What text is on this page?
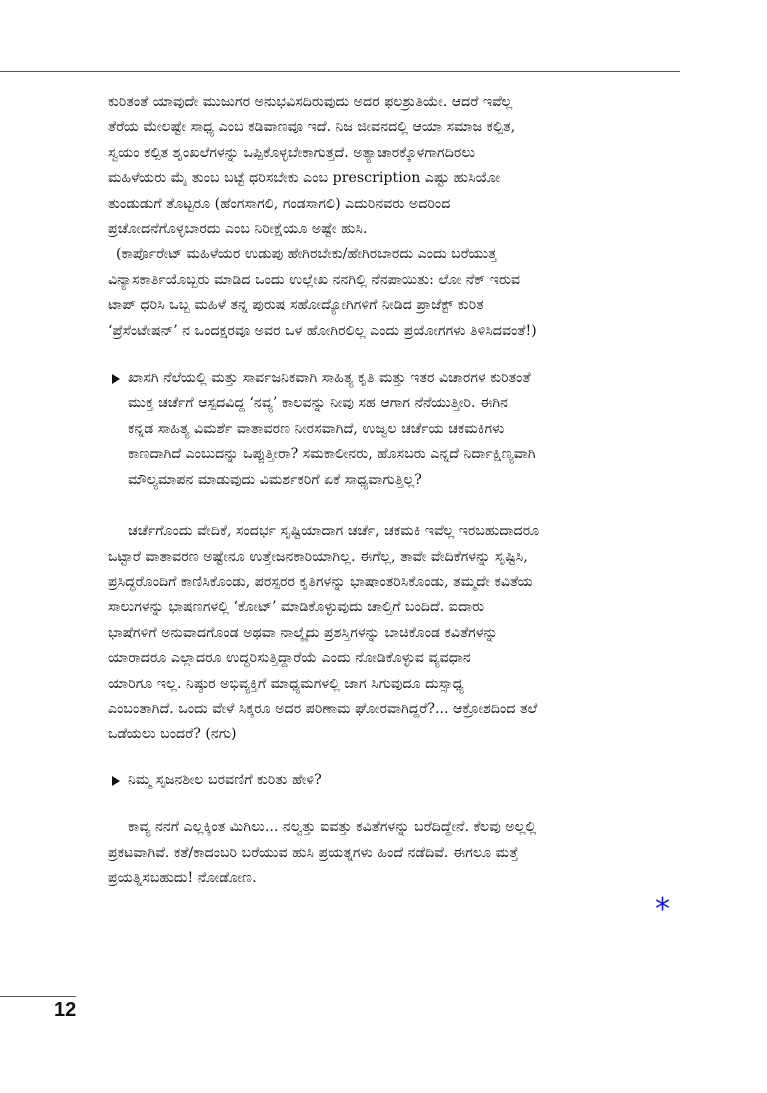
ಕುರಿತಂತೆ ಯಾವುದೇ ಮುಜುಗರ ಅನುಭವಿಸದಿರುವುದು ಅದರ ಫಲಶ್ರುತಿಯೇ. ಆದರೆ ಇವೆಲ್ಲ
ತೆರೆಯ ಮೇಲಷ್ಟೇ ಸಾಧ್ಯ ಎಂಬ ಕಡಿವಾಣವೂ ಇದೆ. ನಿಜ ಜೀವನದಲ್ಲಿ ಆಯಾ ಸಮಾಜ ಕಲ್ಪಿತ,
ಸ್ವಯಂ ಕಲ್ಪಿತ ಶೃಂಖಲೆಗಳನ್ನು ಒಪ್ಪಿಕೊಳ್ಳಬೇಕಾಗುತ್ತದೆ. ಅತ್ಯಾಚಾರಕ್ಕೊಳಗಾಗದಿರಲು
ಮಹಿಳೆಯರು ಮೈ ತುಂಬ ಬಟ್ಟೆ ಧರಿಸಬೇಕು ಎಂಬ prescription ಎಷ್ಟು ಹುಸಿಯೋ
ತುಂಡುಡುಗೆ ತೊಟ್ಟರೂ (ಹೆಂಗಸಾಗಲಿ, ಗಂಡಸಾಗಲಿ) ಎದುರಿನವರು ಅದರಿಂದ
ಪ್ರಚೋದನೆಗೊಳ್ಳಬಾರದು ಎಂಬ ನಿರೀಕ್ಷೆಯೂ ಅಷ್ಟೇ ಹುಸಿ.
(ಕಾರ್ಪೊರೇಟ್ ಮಹಿಳೆಯರ ಉಡುಪು ಹೇಗಿರಬೇಕು/ಹೇಗಿರಬಾರದು ಎಂದು ಬರೆಯುತ್ತ
ವಿನ್ಯಾಸಕಾರ್ತಿಯೊಬ್ಬರು ಮಾಡಿದ ಒಂದು ಉಲ್ಲೇಖ ನನಗಿಲ್ಲಿ ನೆನಪಾಯಿತು: ಲೋ ನೆಕ್ ಇರುವ
ಟಾಪ್ ಧರಿಸಿ ಒಬ್ಬ ಮಹಿಳೆ ತನ್ನ ಪುರುಷ ಸಹೋದ್ಯೋಗಿಗಳಿಗೆ ನೀಡಿದ ಪ್ರಾಜೆಕ್ಟ್ ಕುರಿತ
‘ಪ್ರೆಸೆಂಟೇಷನ್’ ನ ಒಂದಕ್ಷರವೂ ಅವರ ಒಳ ಹೋಗಿರಲಿಲ್ಲ ಎಂದು ಪ್ರಯೋಗಗಳು ತಿಳಿಸಿದವಂತೆ!)
ಖಾಸಗಿ ನೆಲೆಯಲ್ಲಿ ಮತ್ತು ಸಾರ್ವಜನಿಕವಾಗಿ ಸಾಹಿತ್ಯ ಕೃತಿ ಮತ್ತು ಇತರ ವಿಚಾರಗಳ ಕುರಿತಂತೆ
ಮುಕ್ತ ಚರ್ಚೆಗೆ ಆಸ್ಪದವಿದ್ದ ‘ನವ್ಯ’ ಕಾಲವನ್ನು ನೀವು ಸಹ ಆಗಾಗ ನೆನೆಯುತ್ತೀರಿ. ಈಗಿನ
ಕನ್ನಡ ಸಾಹಿತ್ಯ ವಿಮರ್ಶೆ ವಾತಾವರಣ ನೀರಸವಾಗಿದೆ, ಉಜ್ವಲ ಚರ್ಚೆಯ ಚಕಮಕಿಗಳು
ಕಾಣದಾಗಿದೆ ಎಂಬುದನ್ನು ಒಪ್ಪುತ್ತೀರಾ? ಸಮಕಾಲೀನರು, ಹೊಸಬರು ಎನ್ನದೆ ನಿರ್ದಾಕ್ಷಿಣ್ಯವಾಗಿ
ಮೌಲ್ಯಮಾಪನ ಮಾಡುವುದು ವಿಮರ್ಶಕರಿಗೆ ಏಕೆ ಸಾಧ್ಯವಾಗುತ್ತಿಲ್ಲ?
ಚರ್ಚೆಗೊಂದು ವೇದಿಕೆ, ಸಂದರ್ಭ ಸೃಷ್ಟಿಯಾದಾಗ ಚರ್ಚೆ, ಚಕಮಕಿ ಇವೆಲ್ಲ ಇರಬಹುದಾದರೂ
ಒಟ್ಟಾರೆ ವಾತಾವರಣ ಅಷ್ಟೇನೂ ಉತ್ತೇಜನಕಾರಿಯಾಗಿಲ್ಲ. ಈಗೆಲ್ಲ, ತಾವೇ ವೇದಿಕೆಗಳನ್ನು ಸೃಷ್ಟಿಸಿ,
ಪ್ರಸಿದ್ಧರೊಂದಿಗೆ ಕಾಣಿಸಿಕೊಂಡು, ಪರಸ್ಪರರ ಕೃತಿಗಳನ್ನು ಭಾಷಾಂತರಿಸಿಕೊಂಡು, ತಮ್ಮದೇ ಕವಿತೆಯ
ಸಾಲುಗಳನ್ನು ಭಾಷಣಗಳಲ್ಲಿ ‘ಕೋಟ್’ ಮಾಡಿಕೊಳ್ಳುವುದು ಚಾಲ್ತಿಗೆ ಬಂದಿದೆ. ಐದಾರು
ಭಾಷೆಗಳಿಗೆ ಅನುವಾದಗೊಂಡ ಅಥವಾ ನಾಲ್ಕೈದು ಪ್ರಶಸ್ತಿಗಳನ್ನು ಬಾಚಿಕೊಂಡ ಕವಿತೆಗಳನ್ನು
ಯಾರಾದರೂ ಎಲ್ಲಾದರೂ ಉದ್ಧರಿಸುತ್ತಿದ್ದಾರೆಯೆ ಎಂದು ನೋಡಿಕೊಳ್ಳುವ ವ್ಯವಧಾನ
ಯಾರಿಗೂ ಇಲ್ಲ. ನಿಷ್ಠುರ ಅಭಿವ್ಯಕ್ತಿಗೆ ಮಾಧ್ಯಮಗಳಲ್ಲಿ ಜಾಗ ಸಿಗುವುದೂ ದುಸ್ಸಾಧ್ಯ
ಎಂಬಂತಾಗಿದೆ. ಒಂದು ವೇಳೆ ಸಿಕ್ಕರೂ ಅದರ ಪರಿಣಾಮ ಘೋರವಾಗಿದ್ದರೆ?... ಆಕ್ರೋಶದಿಂದ ತಲೆ
ಒಡೆಯಲು ಬಂದರೆ? (ನಗು)
ನಿಮ್ಮ ಸೃಜನಶೀಲ ಬರವಣಿಗೆ ಕುರಿತು ಹೇಳಿ?
ಕಾವ್ಯ ನನಗೆ ಎಲ್ಲಕ್ಕಿಂತ ಮಿಗಿಲು... ನಲ್ವತ್ತು ಐವತ್ತು ಕವಿತೆಗಳನ್ನು ಬರೆದಿದ್ದೇನೆ. ಕೆಲವು ಅಲ್ಲಲ್ಲಿ
ಪ್ರಕಟವಾಗಿವೆ. ಕತೆ/ಕಾದಂಬರಿ ಬರೆಯುವ ಹುಸಿ ಪ್ರಯತ್ನಗಳು ಹಿಂದೆ ನಡೆದಿವೆ. ಈಗಲೂ ಮತ್ತೆ
ಪ್ರಯತ್ನಿಸಬಹುದು! ನೋಡೋಣ.
*
12
